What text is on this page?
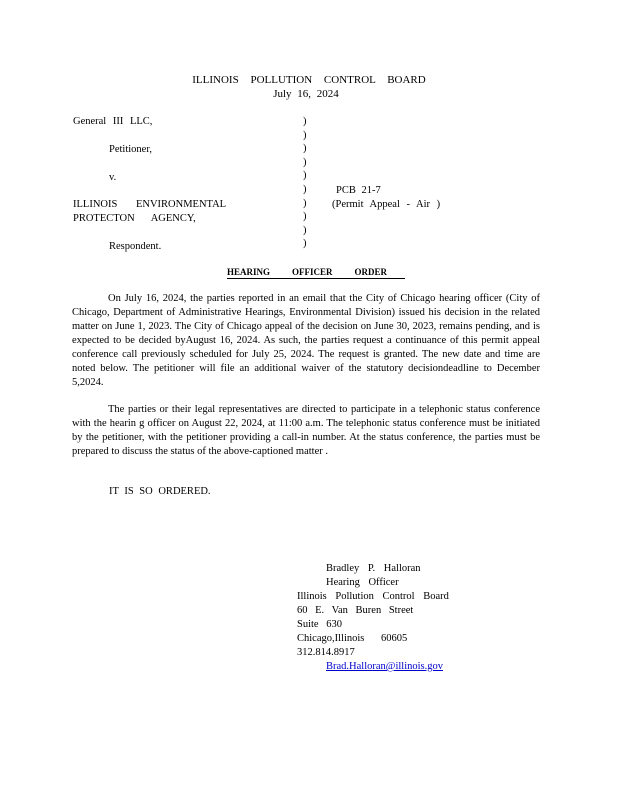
ILLINOIS POLLUTION CONTROL BOARD
July 16, 2024
General III LLC,
Petitioner,
v.
ILLINOIS ENVIRONMENTAL
PROTECTON AGENCY,
Respondent.
)
)
)
)
)
)
)
)
)
)
PCB 21-7
(Permit Appeal - Air )
HEARING OFFICER ORDER
On July 16, 2024, the parties reported in an email that the City of Chicago hearing officer (City of Chicago, Department of Administrative Hearings, Environmental Division) issued his decision in the related matter on June 1, 2023. The City of Chicago appeal of the decision on June 30, 2023, remains pending, and is expected to be decided byAugust 16, 2024. As such, the parties request a continuance of this permit appeal conference call previously scheduled for July 25, 2024. The request is granted. The new date and time are noted below. The petitioner will file an additional waiver of the statutory decisiondeadline to December 5,2024.
The parties or their legal representatives are directed to participate in a telephonic status conference with the hearin g officer on August 22, 2024, at 11:00 a.m. The telephonic status conference must be initiated by the petitioner, with the petitioner providing a call-in number. At the status conference, the parties must be prepared to discuss the status of the above-captioned matter .
IT IS SO ORDERED.
Bradley P. Halloran
Hearing Officer
Illinois Pollution Control Board
60 E. Van Buren Street
Suite 630
Chicago,Illinois 60605
312.814.8917
Brad.Halloran@illinois.gov
